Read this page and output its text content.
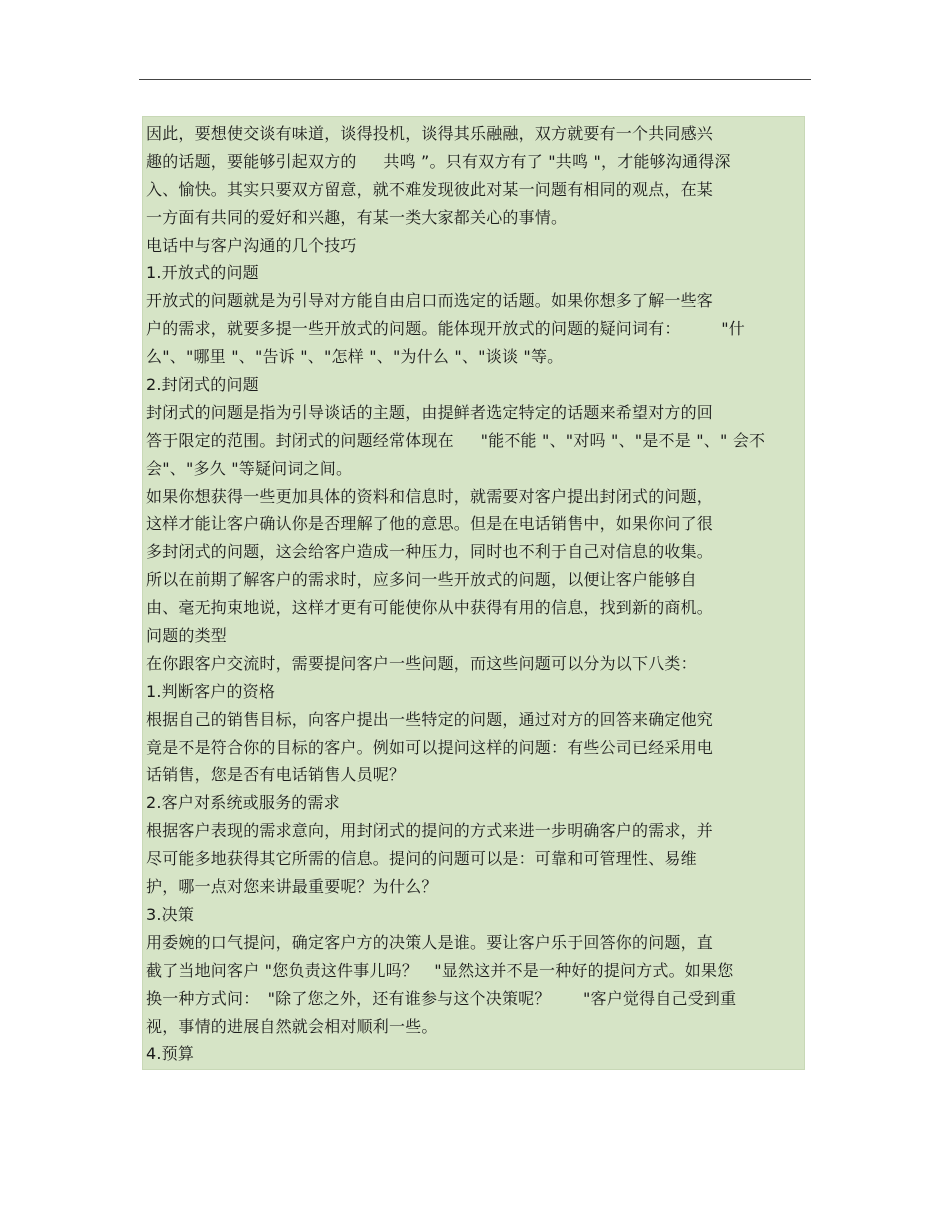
因此，要想使交谈有味道，谈得投机，谈得其乐融融，双方就要有一个共同感兴
趣的话题，要能够引起双方的　  共鸣 ”。只有双方有了 "共鸣 "，才能够沟通得深
入、愉快。其实只要双方留意，就不难发现彼此对某一问题有相同的观点，在某
一方面有共同的爱好和兴趣，有某一类大家都关心的事情。
电话中与客户沟通的几个技巧
1.开放式的问题
开放式的问题就是为引导对方能自由启口而选定的话题。如果你想多了解一些客
户的需求，就要多提一些开放式的问题。能体现开放式的问题的疑问词有：　　　"什
么"、"哪里 "、"告诉 "、"怎样 "、"为什么 "、"谈谈 "等。
2.封闭式的问题
封闭式的问题是指为引导谈话的主题，由提鲜者选定特定的话题来希望对方的回
答于限定的范围。封闭式的问题经常体现在　  "能不能 "、"对吗 "、"是不是 "、" 会不
会"、"多久 "等疑问词之间。
如果你想获得一些更加具体的资料和信息时，就需要对客户提出封闭式的问题，
这样才能让客户确认你是否理解了他的意思。但是在电话销售中，如果你问了很
多封闭式的问题，这会给客户造成一种压力，同时也不利于自己对信息的收集。
所以在前期了解客户的需求时，应多问一些开放式的问题，以便让客户能够自
由、毫无拘束地说，这样才更有可能使你从中获得有用的信息，找到新的商机。
问题的类型
在你跟客户交流时，需要提问客户一些问题，而这些问题可以分为以下八类：
1.判断客户的资格
根据自己的销售目标，向客户提出一些特定的问题，通过对方的回答来确定他究
竟是不是符合你的目标的客户。例如可以提问这样的问题：有些公司已经采用电
话销售，您是否有电话销售人员呢？
2.客户对系统或服务的需求
根据客户表现的需求意向，用封闭式的提问的方式来进一步明确客户的需求，并
尽可能多地获得其它所需的信息。提问的问题可以是：可靠和可管理性、易维
护，哪一点对您来讲最重要呢？为什么？
3.决策
用委婉的口气提问，确定客户方的决策人是谁。要让客户乐于回答你的问题，直
截了当地问客户 "您负责这件事儿吗？　"显然这并不是一种好的提问方式。如果您
换一种方式问：　"除了您之外，还有谁参与这个决策呢？　　"客户觉得自己受到重
视，事情的进展自然就会相对顺利一些。
4.预算
